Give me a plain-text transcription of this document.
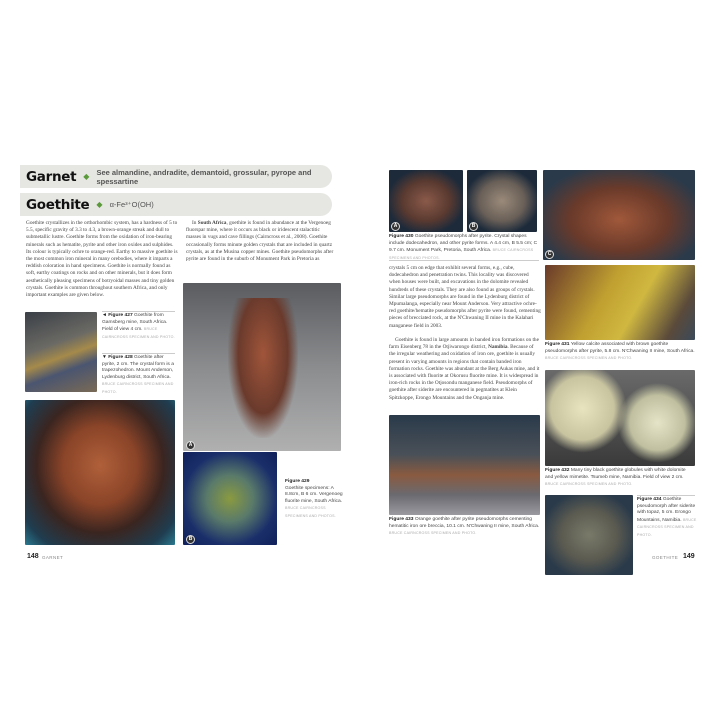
Garnet ◆ See almandine, andradite, demantoid, grossular, pyrope and spessartine
Goethite ◆ α-Fe³⁺O(OH)
Goethite crystallizes in the orthorhombic system, has a hardness of 5 to 5.5, specific gravity of 3.3 to 4.3, a brown-orange streak and dull to submetallic lustre. Goethite forms from the oxidation of iron-bearing minerals such as hematite, pyrite and other iron oxides and sulphides. Its colour is typically ochre to orange-red. Earthy to massive goethite is the most common iron mineral in many orebodies, where it imparts a reddish coloration in hand specimens. Goethite is normally found as soft, earthy coatings on rocks and on other minerals, but it does form aesthetically pleasing specimens of botryoidal masses and tiny golden crystals. Goethite is common throughout southern Africa, and only important examples are given below.
In South Africa, goethite is found in abundance at the Vergenoeg fluorspar mine, where it occurs as black or iridescent stalactitic masses in vugs and cave fillings (Cairncross et al., 2008). Goethite occasionally forms minute golden crystals that are included in quartz crystals, as at the Musina copper mines. Goethite pseudomorphs after pyrite are found in the suburb of Monument Park in Pretoria as
◄ Figure 427 Goethite from Gamsberg mine, South Africa. Field of view 4 cm. BRUCE CAIRNCROSS SPECIMEN AND PHOTO.
▼ Figure 428 Goethite after pyrite, 2 cm. The crystal form is a trapezohedron. Mount Anderson, Lydenburg district, South Africa. BRUCE CAIRNCROSS SPECIMEN AND PHOTO.
A
B
Figure 429
Goethite specimens: A 8.8cm, B 6 cm. Vergenoeg fluorite mine, South Africa.
BRUCE CAIRNCROSS SPECIMENS AND PHOTOS.
148 GARNET
A	B
C
Figure 430 Goethite pseudomorphs after pyrite. Crystal shapes include dodecahedron, and other pyrite forms. A 4.4 cm, B 5.5 cm; C 9.7 cm. Monument Park, Pretoria, South Africa. BRUCE CAIRNCROSS SPECIMENS AND PHOTOS.
crystals 5 cm on edge that exhibit several forms, e.g., cube, dodecahedron and penetration twins. This locality was discovered when houses were built, and excavations in the dolomite revealed hundreds of these crystals. They are also found as groups of crystals. Similar large pseudomorphs are found in the Lydenburg district of Mpumalanga, especially near Mount Anderson. Very attractive ochre-red goethite/hematite pseudomorphs after pyrite were found, cementing pieces of brecciated rock, at the N'Chwaning II mine in the Kalahari manganese field in 2003.
Goethite is found in large amounts in banded iron formations on the farm Eisenberg 78 in the Otjiwarongo district, Namibia. Because of the irregular weathering and oxidation of iron ore, goethite is usually present in varying amounts in regions that contain banded iron formation rocks. Goethite was abundant at the Berg Aukas mine, and it is associated with fluorite at Okorusu fluorite mine. It is widespread in iron-rich rocks in the Otjosondu manganese field. Pseudomorphs of goethite after siderite are encountered in pegmatites at Klein Spitzkoppe, Erongo Mountains and the Onganja mine.
Figure 433 Orange goethite after pyrite pseudomorphs cementing hematitic iron ore breccia, 10.1 cm. N'Chwaning II mine, South Africa. BRUCE CAIRNCROSS SPECIMEN AND PHOTO.
Figure 431 Yellow calcite associated with brown goethite pseudomorphs after pyrite, 5.8 cm. N'Chwaning II mine, South Africa. BRUCE CAIRNCROSS SPECIMEN AND PHOTO.
Figure 432 Many tiny black goethite globules with white dolomite and yellow mimetite. Tsumeb mine, Namibia. Field of view 2 cm. BRUCE CAIRNCROSS SPECIMEN AND PHOTO.
Figure 434 Goethite pseudomorph after siderite with topaz, 5 cm. Erongo Mountains, Namibia. BRUCE CAIRNCROSS SPECIMEN AND PHOTO.
GOETHITE 149
